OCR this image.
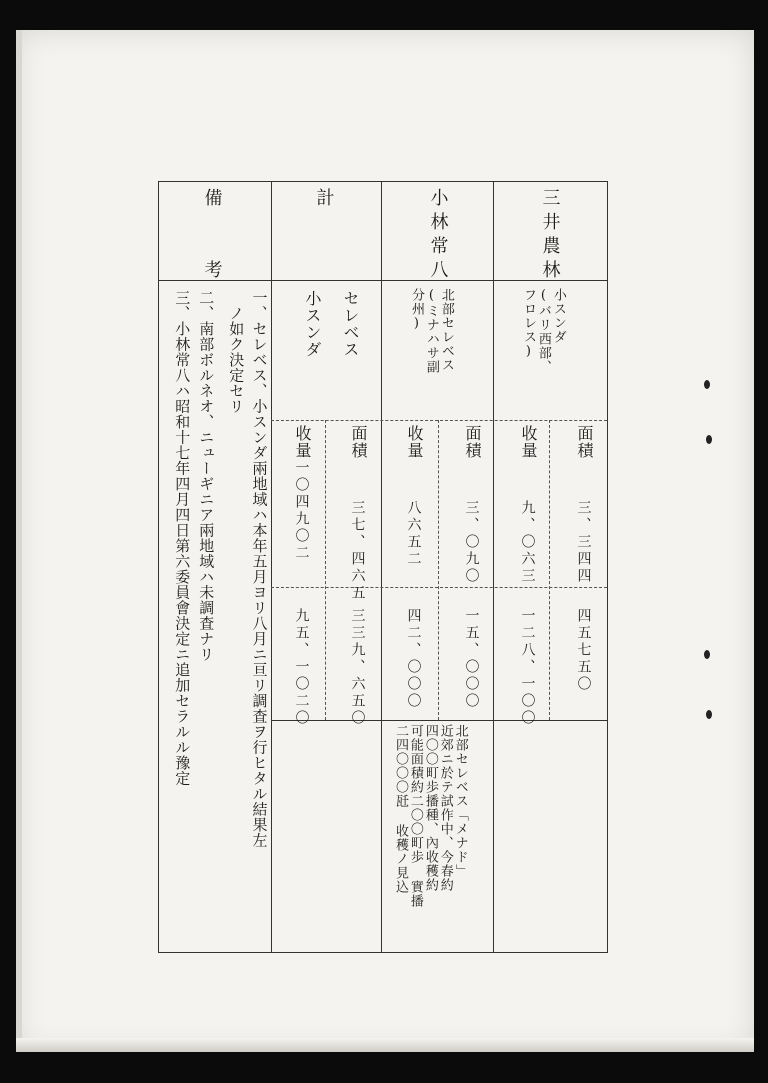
三井農林
小スンダ
(バリ西部、
フロレス)
面積
收量
三、三四四
四五七五〇
九、〇六三
一二八、一〇〇
小林常八
北部セレベス
(ミナハサ副
分州)
面積
收量
三、〇九〇
一五、〇〇〇
八六五二
四二、〇〇〇
北部セレベス「メナド」
近郊ニ於テ試作中、今春約
四〇〇町歩播種、內收穫約
可能面積約二〇〇町歩 實播
二四〇〇〇瓩 收穫ノ見込
計
セレベス
小スンダ
面積
收量
三七、四六五
三三九、六五〇
一〇四九〇二
九五、一〇二〇
備　　考
一、セレベス、小スンダ兩地域ハ本年五月ヨリ八月ニ亘リ調査ヲ行ヒタル結果左
　ノ如ク決定セリ
二、南部ボルネオ、ニューギニア兩地域ハ未調査ナリ
三、小林常八ハ昭和十七年四月四日第六委員會決定ニ追加セラルル豫定
